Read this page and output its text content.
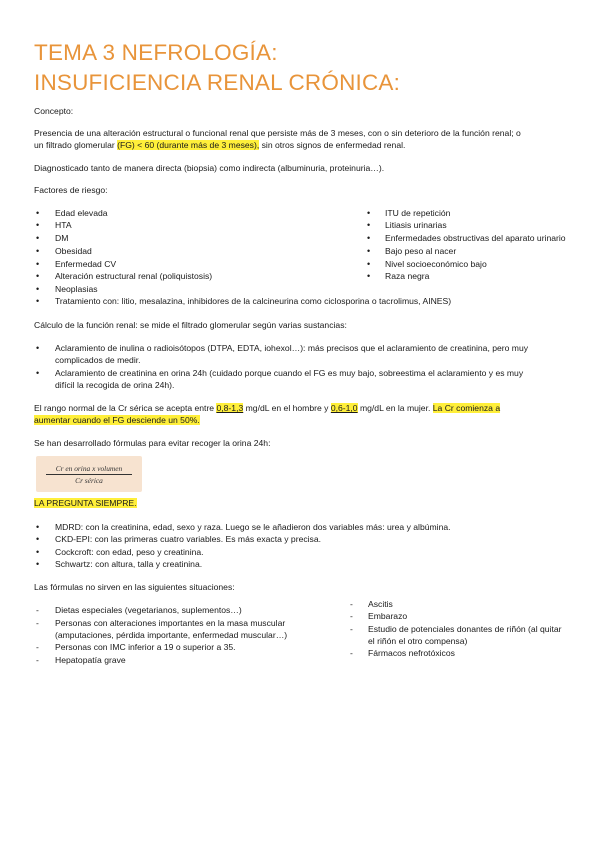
TEMA 3 NEFROLOGÍA:
INSUFICIENCIA RENAL CRÓNICA:
Concepto:
Presencia de una alteración estructural o funcional renal que persiste más de 3 meses, con o sin deterioro de la función renal; o
un filtrado glomerular (FG) < 60 (durante más de 3 meses), sin otros signos de enfermedad renal.
Diagnosticado tanto de manera directa (biopsia) como indirecta (albuminuria, proteinuria…).
Factores de riesgo:
• Edad elevada
• HTA
• DM
• Obesidad
• Enfermedad CV
• Alteración estructural renal (poliquistosis)
• Neoplasias
• Tratamiento con: litio, mesalazina, inhibidores de la calcineurina como ciclosporina o tacrolimus, AINES)
• ITU de repetición
• Litiasis urinarias
• Enfermedades obstructivas del aparato urinario
• Bajo peso al nacer
• Nivel socioeconómico bajo
• Raza negra
Cálculo de la función renal: se mide el filtrado glomerular según varias sustancias:
• Aclaramiento de inulina o radioisótopos (DTPA, EDTA, iohexol…): más precisos que el aclaramiento de creatinina, pero muy
complicados de medir.
• Aclaramiento de creatinina en orina 24h (cuidado porque cuando el FG es muy bajo, sobreestima el aclaramiento y es muy
difícil la recogida de orina 24h).
El rango normal de la Cr sérica se acepta entre 0,8-1,3 mg/dL en el hombre y 0,6-1,0 mg/dL en la mujer. La Cr comienza a
aumentar cuando el FG desciende un 50%.
Se han desarrollado fórmulas para evitar recoger la orina 24h:
Cr en orina x volumen
Cr sérica
LA PREGUNTA SIEMPRE.
• MDRD: con la creatinina, edad, sexo y raza. Luego se le añadieron dos variables más: urea y albúmina.
• CKD-EPI: con las primeras cuatro variables. Es más exacta y precisa.
• Cockcroft: con edad, peso y creatinina.
• Schwartz: con altura, talla y creatinina.
Las fórmulas no sirven en las siguientes situaciones:
- Dietas especiales (vegetarianos, suplementos…)
- Personas con alteraciones importantes en la masa muscular
(amputaciones, pérdida importante, enfermedad muscular…)
- Personas con IMC inferior a 19 o superior a 35.
- Hepatopatía grave
- Ascitis
- Embarazo
- Estudio de potenciales donantes de riñón (al quitar
el riñón el otro compensa)
- Fármacos nefrotóxicos
